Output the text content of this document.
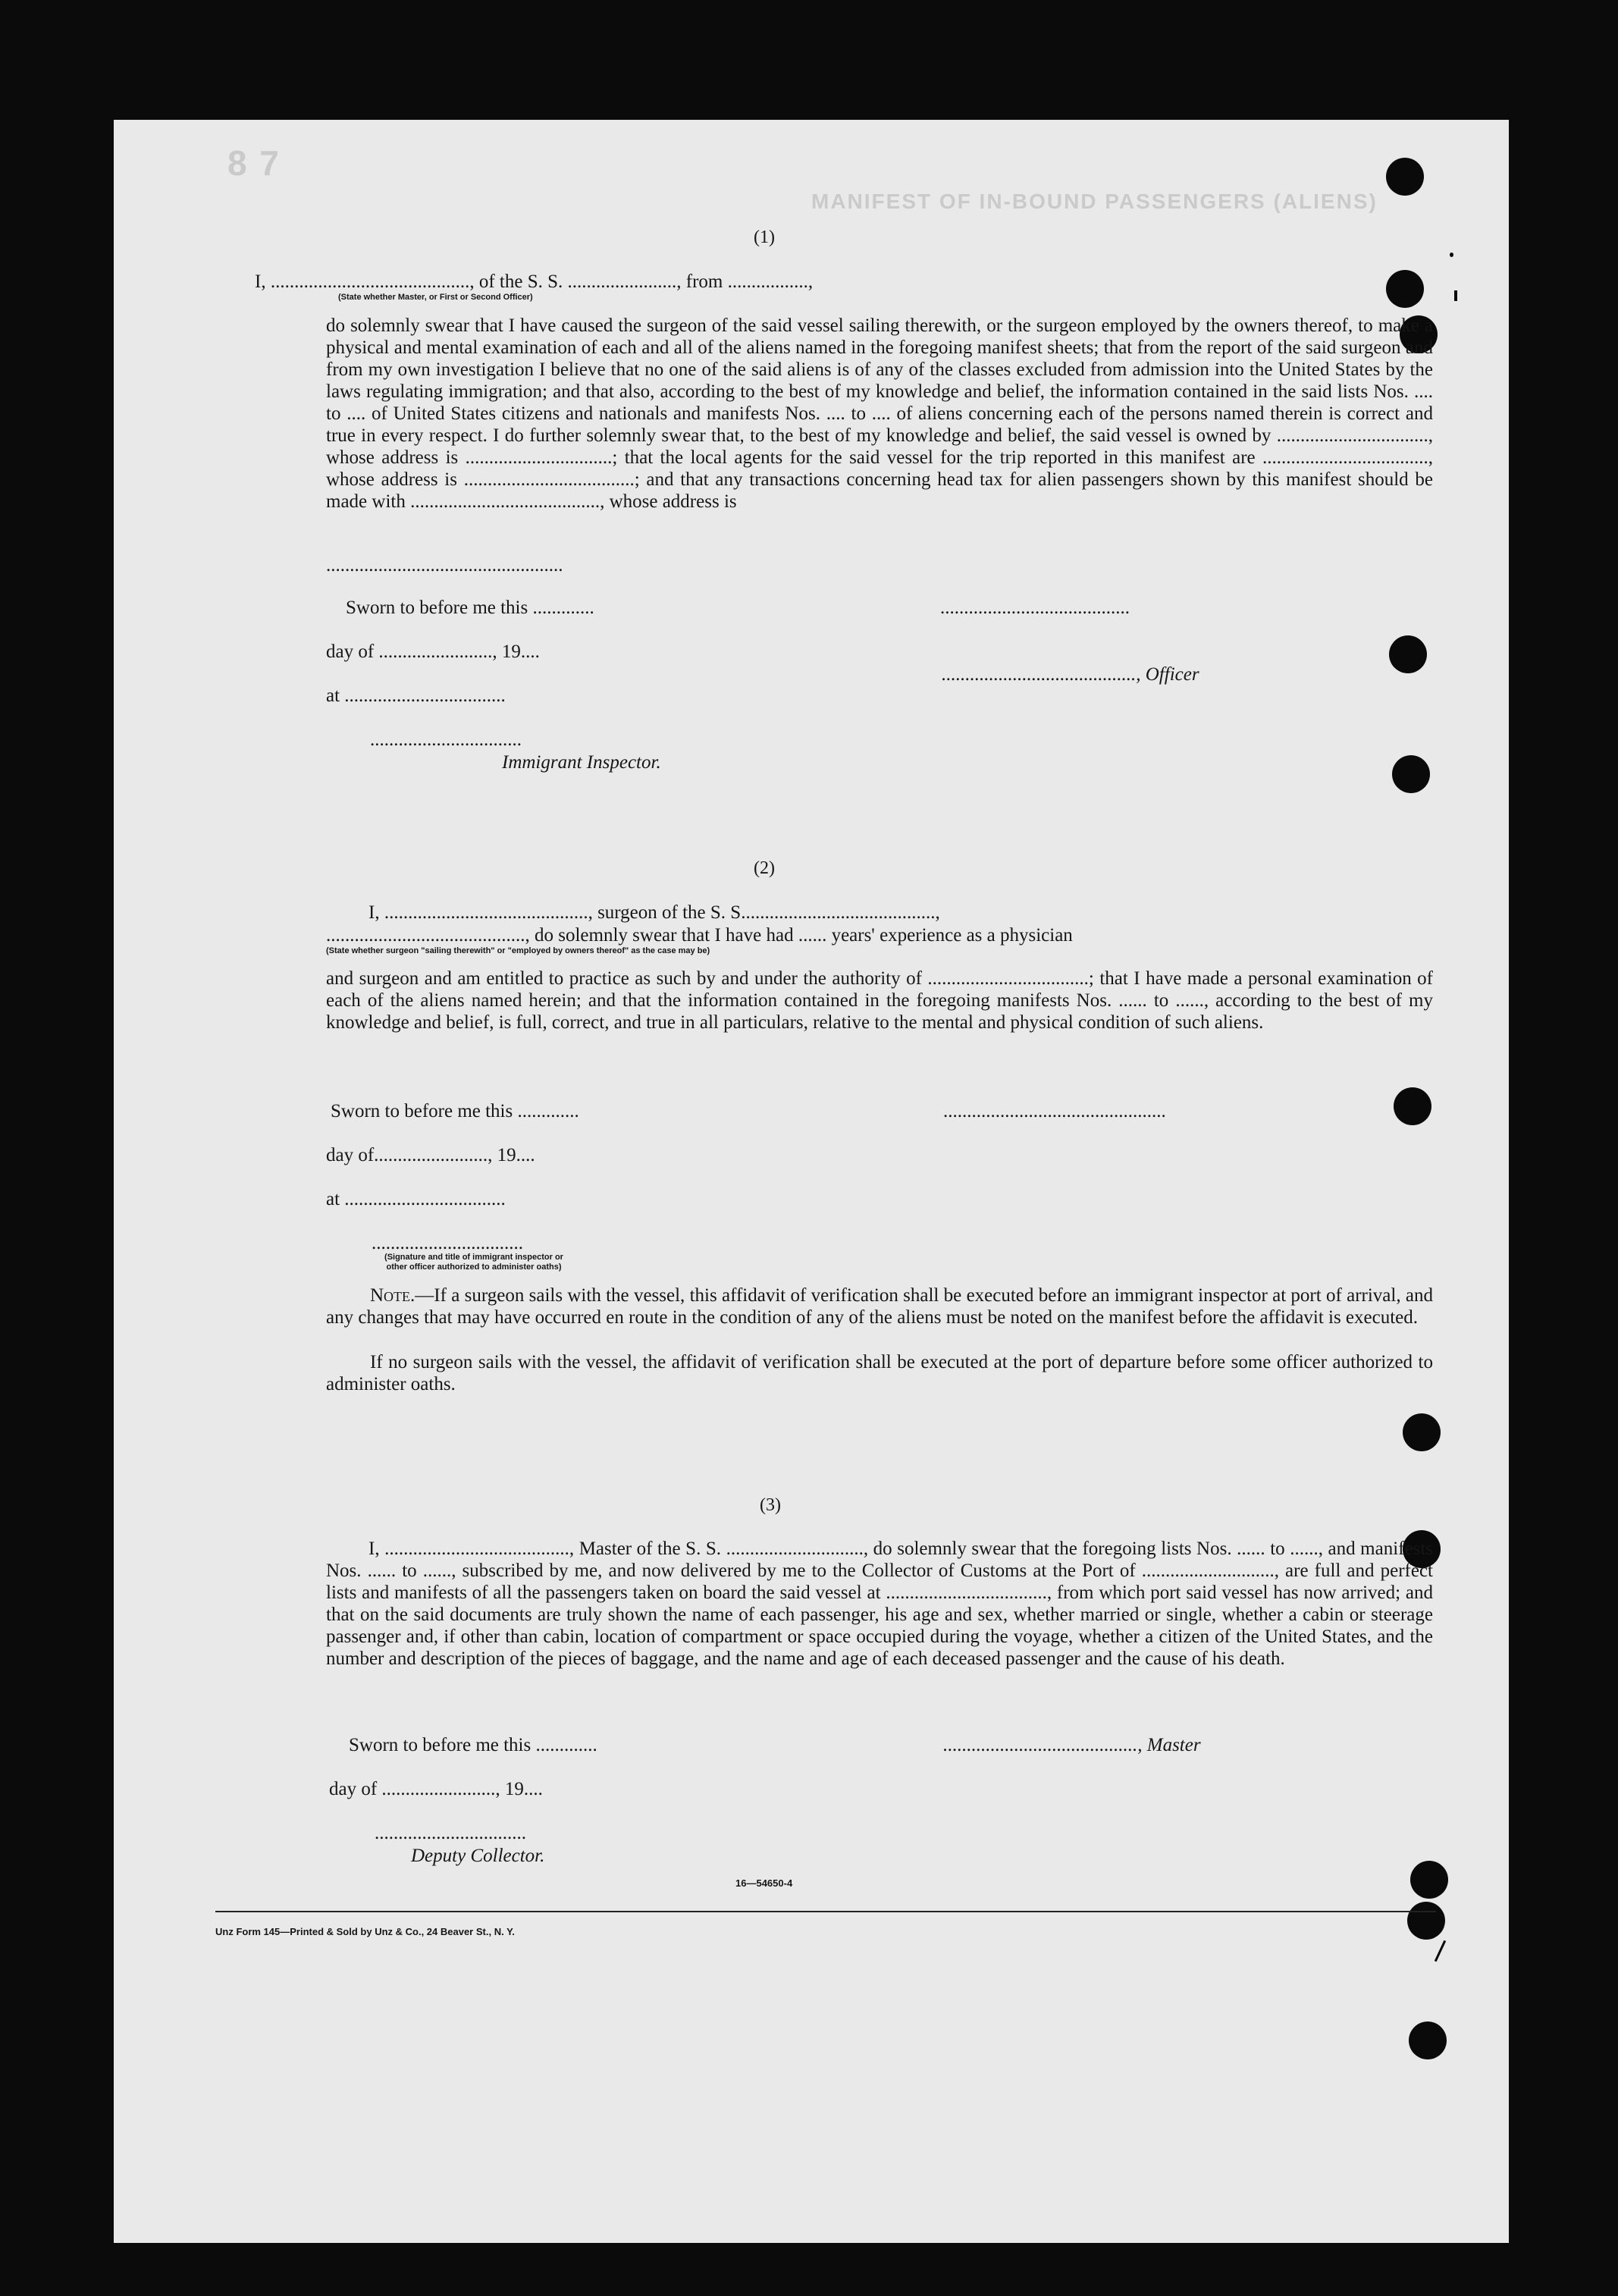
8 7
MANIFEST OF IN-BOUND PASSENGERS (ALIENS)
(1)
I, .........................................., of the S. S. ......................., from .................,
(State whether Master, or First or Second Officer)
do solemnly swear that I have caused the surgeon of the said vessel sailing therewith, or the surgeon employed by the owners thereof, to make a physical and mental examination of each and all of the aliens named in the foregoing manifest sheets; that from the report of the said surgeon and from my own investigation I believe that no one of the said aliens is of any of the classes excluded from admission into the United States by the laws regulating immigration; and that also, according to the best of my knowledge and belief, the information contained in the said lists Nos. .... to .... of United States citizens and nationals and manifests Nos. .... to .... of aliens concerning each of the persons named therein is correct and true in every respect. I do further solemnly swear that, to the best of my knowledge and belief, the said vessel is owned by ................................, whose address is ...............................; that the local agents for the said vessel for the trip reported in this manifest are ..................................., whose address is ....................................; and that any transactions concerning head tax for alien passengers shown by this manifest should be made with ........................................, whose address is
..................................................
Sworn to before me this .............	........................................
day of ........................, 19....
........................................., Officer
at ..................................
................................
Immigrant Inspector.
(2)
I, ..........................................., surgeon of the S. S.........................................,
.........................................., do solemnly swear that I have had ...... years' experience as a physician
(State whether surgeon "sailing therewith" or "employed by owners thereof" as the case may be)
and surgeon and am entitled to practice as such by and under the authority of ..................................; that I have made a personal examination of each of the aliens named herein; and that the information contained in the foregoing manifests Nos. ...... to ......, according to the best of my knowledge and belief, is full, correct, and true in all particulars, relative to the mental and physical condition of such aliens.
Sworn to before me this .............	...............................................
day of........................, 19....
at ..................................
................................
(Signature and title of immigrant inspector or other officer authorized to administer oaths)
Note.—If a surgeon sails with the vessel, this affidavit of verification shall be executed before an immigrant inspector at port of arrival, and any changes that may have occurred en route in the condition of any of the aliens must be noted on the manifest before the affidavit is executed.
If no surgeon sails with the vessel, the affidavit of verification shall be executed at the port of departure before some officer authorized to administer oaths.
(3)
I, ......................................., Master of the S. S. ............................., do solemnly swear that the foregoing lists Nos. ...... to ......, and manifests Nos. ...... to ......, subscribed by me, and now delivered by me to the Collector of Customs at the Port of ............................, are full and perfect lists and manifests of all the passengers taken on board the said vessel at .................................., from which port said vessel has now arrived; and that on the said documents are truly shown the name of each passenger, his age and sex, whether married or single, whether a cabin or steerage passenger and, if other than cabin, location of compartment or space occupied during the voyage, whether a citizen of the United States, and the number and description of the pieces of baggage, and the name and age of each deceased passenger and the cause of his death.
Sworn to before me this .............	........................................., Master
day of ........................, 19....
................................
Deputy Collector.
16—54650-4
Unz Form 145—Printed & Sold by Unz & Co., 24 Beaver St., N. Y.
